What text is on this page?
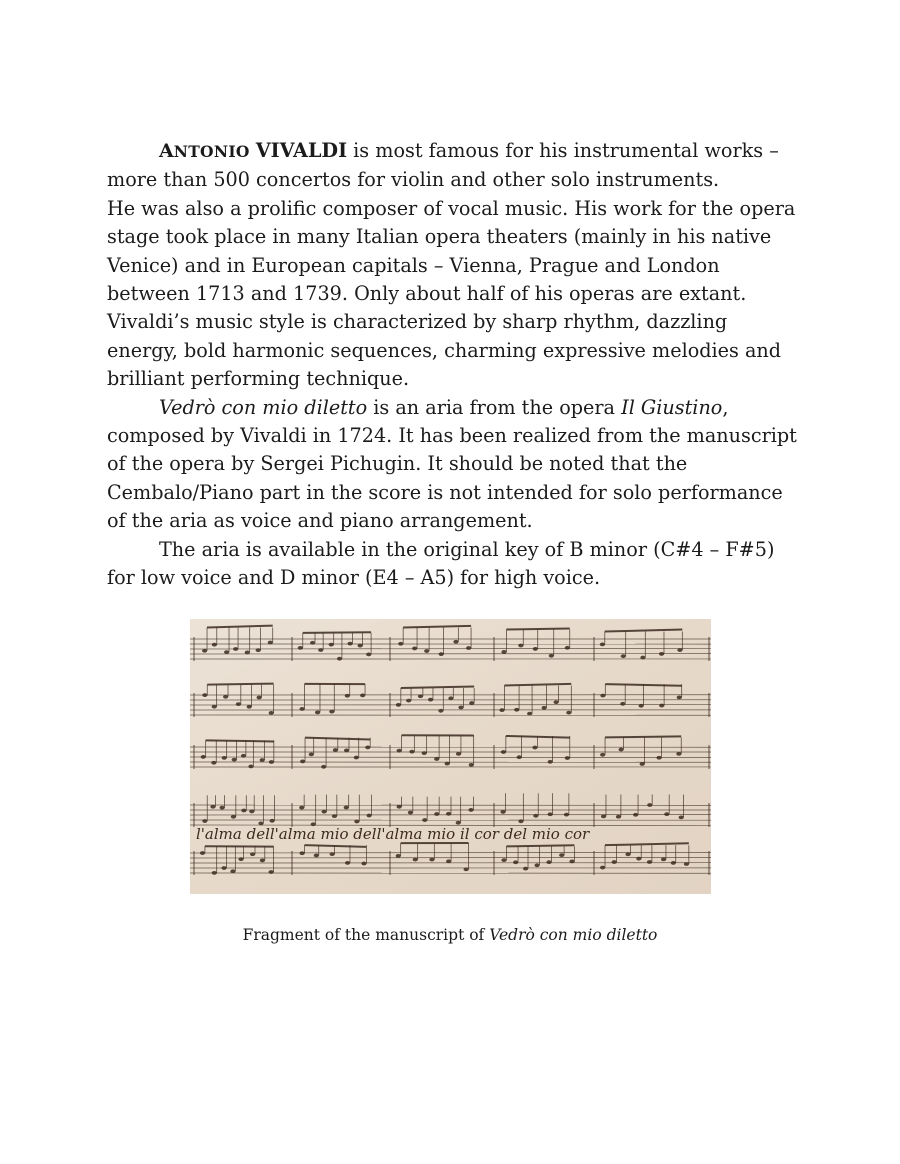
ANTONIO VIVALDI is most famous for his instrumental works –
more than 500 concertos for violin and other solo instruments.
He was also a prolific composer of vocal music. His work for the opera stage took place in many Italian opera theaters (mainly in his native Venice) and in European capitals – Vienna, Prague and London between 1713 and 1739. Only about half of his operas are extant. Vivaldi’s music style is characterized by sharp rhythm, dazzling energy, bold harmonic sequences, charming expressive melodies and brilliant performing technique.

Vedrò con mio diletto is an aria from the opera Il Giustino, composed by Vivaldi in 1724. It has been realized from the manuscript of the opera by Sergei Pichugin. It should be noted that the Cembalo/Piano part in the score is not intended for solo performance of the aria as voice and piano arrangement.

The aria is available in the original key of B minor (C#4 – F#5) for low voice and D minor (E4 – A5) for high voice.

l'alma dell'alma mio dell'alma mio il cor del mio cor
Fragment of the manuscript of Vedrò con mio diletto
